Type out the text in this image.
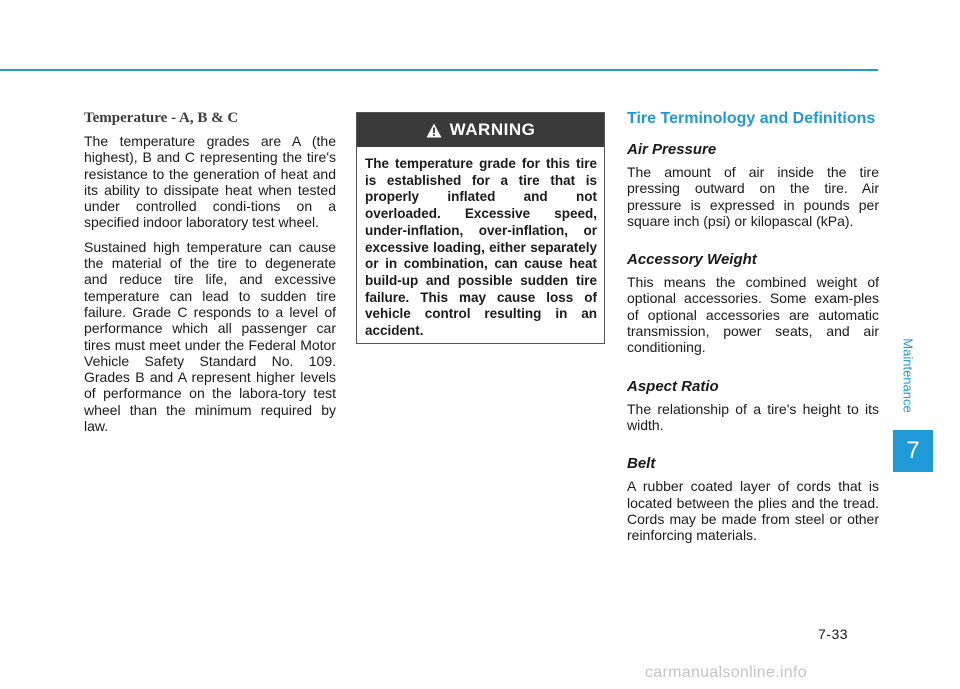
Temperature - A, B & C

The temperature grades are A (the highest), B and C representing the tire's resistance to the generation of heat and its ability to dissipate heat when tested under controlled condi-tions on a specified indoor laboratory test wheel.

Sustained high temperature can cause the material of the tire to degenerate and reduce tire life, and excessive temperature can lead to sudden tire failure. Grade C responds to a level of performance which all passenger car tires must meet under the Federal Motor Vehicle Safety Standard No. 109. Grades B and A represent higher levels of performance on the labora-tory test wheel than the minimum required by law.

WARNING
The temperature grade for this tire is established for a tire that is properly inflated and not overloaded. Excessive speed, under-inflation, over-inflation, or excessive loading, either separately or in combination, can cause heat build-up and possible sudden tire failure. This may cause loss of vehicle control resulting in an accident.
Tire Terminology and Definitions
Air Pressure

The amount of air inside the tire pressing outward on the tire. Air pressure is expressed in pounds per square inch (psi) or kilopascal (kPa).

Accessory Weight

This means the combined weight of optional accessories. Some exam-ples of optional accessories are automatic transmission, power seats, and air conditioning.

Aspect Ratio

The relationship of a tire's height to its width.

Belt

A rubber coated layer of cords that is located between the plies and the tread. Cords may be made from steel or other reinforcing materials.

Maintenance
7
7-33
carmanualsonline.info
